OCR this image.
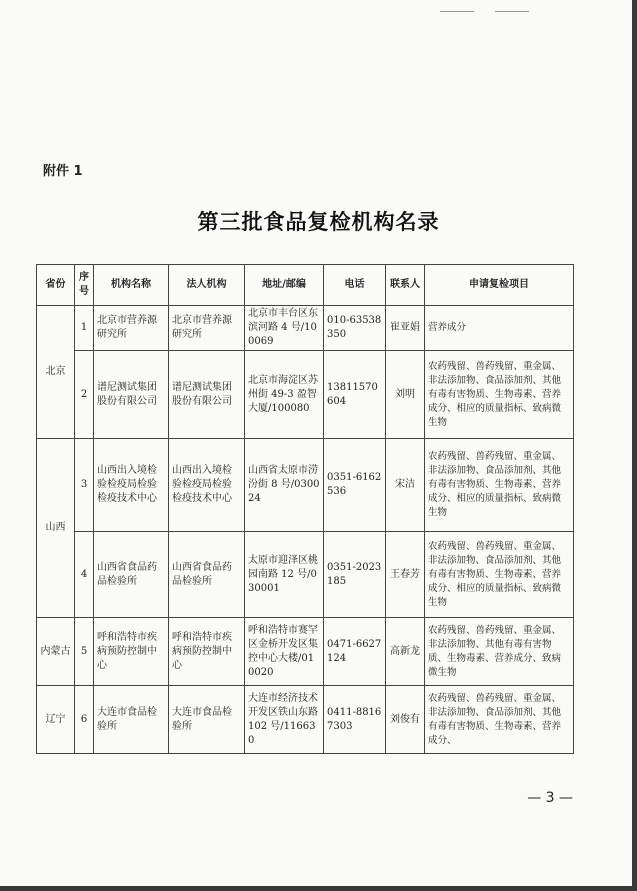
附件 1
第三批食品复检机构名录
省份	序号	机构名称	法人机构	地址/邮编	电话	联系人	申请复检项目
北京	1	北京市营养源研究所	北京市营养源研究所	北京市丰台区东滨河路 4 号/100069	010-63538350	崔亚娟	营养成分
	2	谱尼测试集团股份有限公司	谱尼测试集团股份有限公司	北京市海淀区苏州街 49-3 盈智大厦/100080	13811570604	刘明	农药残留、兽药残留、重金属、非法添加物、食品添加剂、其他有毒有害物质、生物毒素、营养成分、相应的质量指标、致病微生物
山西	3	山西出入境检验检疫局检验检疫技术中心	山西出入境检验检疫局检验检疫技术中心	山西省太原市涝汾街 8 号/030024	0351-6162536	宋洁	农药残留、兽药残留、重金属、非法添加物、食品添加剂、其他有毒有害物质、生物毒素、营养成分、相应的质量指标、致病微生物
	4	山西省食品药品检验所	山西省食品药品检验所	太原市迎泽区桃园南路 12 号/030001	0351-2023185	王春芳	农药残留、兽药残留、重金属、非法添加物、食品添加剂、其他有毒有害物质、生物毒素、营养成分、相应的质量指标、致病微生物
内蒙古	5	呼和浩特市疾病预防控制中心	呼和浩特市疾病预防控制中心	呼和浩特市赛罕区金桥开发区集控中心大楼/010020	0471-6627124	高新龙	农药残留、兽药残留、重金属、非法添加物、其他有毒有害物质、生物毒素、营养成分、致病微生物
辽宁	6	大连市食品检验所	大连市食品检验所	大连市经济技术开发区铁山东路 102 号/116630	0411-88167303	刘俊有	农药残留、兽药残留、重金属、非法添加物、食品添加剂、其他有毒有害物质、生物毒素、营养成分、
— 3 —
